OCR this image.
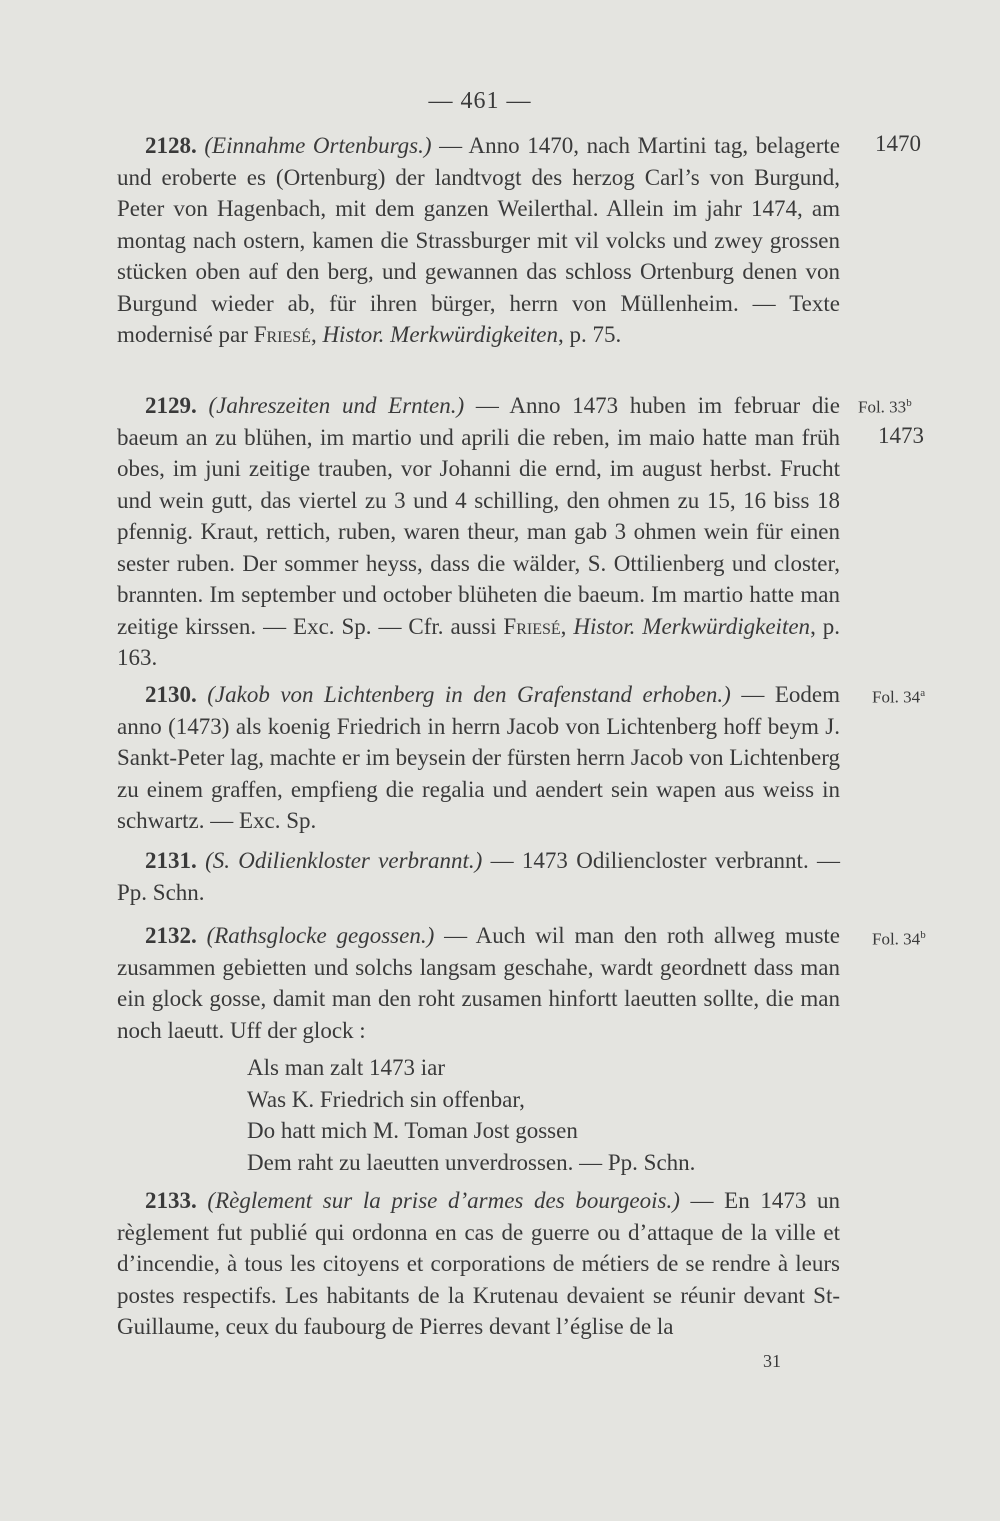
— 461 —

2128. (Einnahme Ortenburgs.) — Anno 1470, nach Martini tag, belagerte und eroberte es (Ortenburg) der landtvogt des herzog Carl’s von Burgund, Peter von Hagenbach, mit dem ganzen Weilerthal. Allein im jahr 1474, am montag nach ostern, kamen die Strassburger mit vil volcks und zwey grossen stücken oben auf den berg, und gewannen das schloss Ortenburg denen von Burgund wieder ab, für ihren bürger, herrn von Müllenheim. — Texte modernisé par Friesé, Histor. Merkwürdigkeiten, p. 75.

1470

2129. (Jahreszeiten und Ernten.) — Anno 1473 huben im februar die baeum an zu blühen, im martio und aprili die reben, im maio hatte man früh obes, im juni zeitige trauben, vor Johanni die ernd, im august herbst. Frucht und wein gutt, das viertel zu 3 und 4 schilling, den ohmen zu 15, 16 biss 18 pfennig. Kraut, rettich, ruben, waren theur, man gab 3 ohmen wein für einen sester ruben. Der sommer heyss, dass die wälder, S. Ottilienberg und closter, brannten. Im september und october blüheten die baeum. Im martio hatte man zeitige kirssen. — Exc. Sp. — Cfr. aussi Friesé, Histor. Merkwürdigkeiten, p. 163.

Fol. 33$^b$
1473

2130. (Jakob von Lichtenberg in den Grafenstand erhoben.) — Eodem anno (1473) als koenig Friedrich in herrn Jacob von Lichtenberg hoff beym J. Sankt-Peter lag, machte er im beysein der fürsten herrn Jacob von Lichtenberg zu einem graffen, empfieng die regalia und aendert sein wapen aus weiss in schwartz. — Exc. Sp.

Fol. 34$^a$

2131. (S. Odilienkloster verbrannt.) — 1473 Odiliencloster verbrannt. — Pp. Schn.

2132. (Rathsglocke gegossen.) — Auch wil man den roth allweg muste zusammen gebietten und solchs langsam geschahe, wardt geordnett dass man ein glock gosse, damit man den roht zusamen hinfortt laeutten sollte, die man noch laeutt. Uff der glock :

Fol. 34$^b$
Als man zalt 1473 iar
Was K. Friedrich sin offenbar,
Do hatt mich M. Toman Jost gossen
Dem raht zu laeutten unverdrossen. — Pp. Schn.

2133. (Règlement sur la prise d’armes des bourgeois.) — En 1473 un règlement fut publié qui ordonna en cas de guerre ou d’attaque de la ville et d’incendie, à tous les citoyens et corporations de métiers de se rendre à leurs postes respectifs. Les habitants de la Krutenau devaient se réunir devant St-Guillaume, ceux du faubourg de Pierres devant l’église de la

31
